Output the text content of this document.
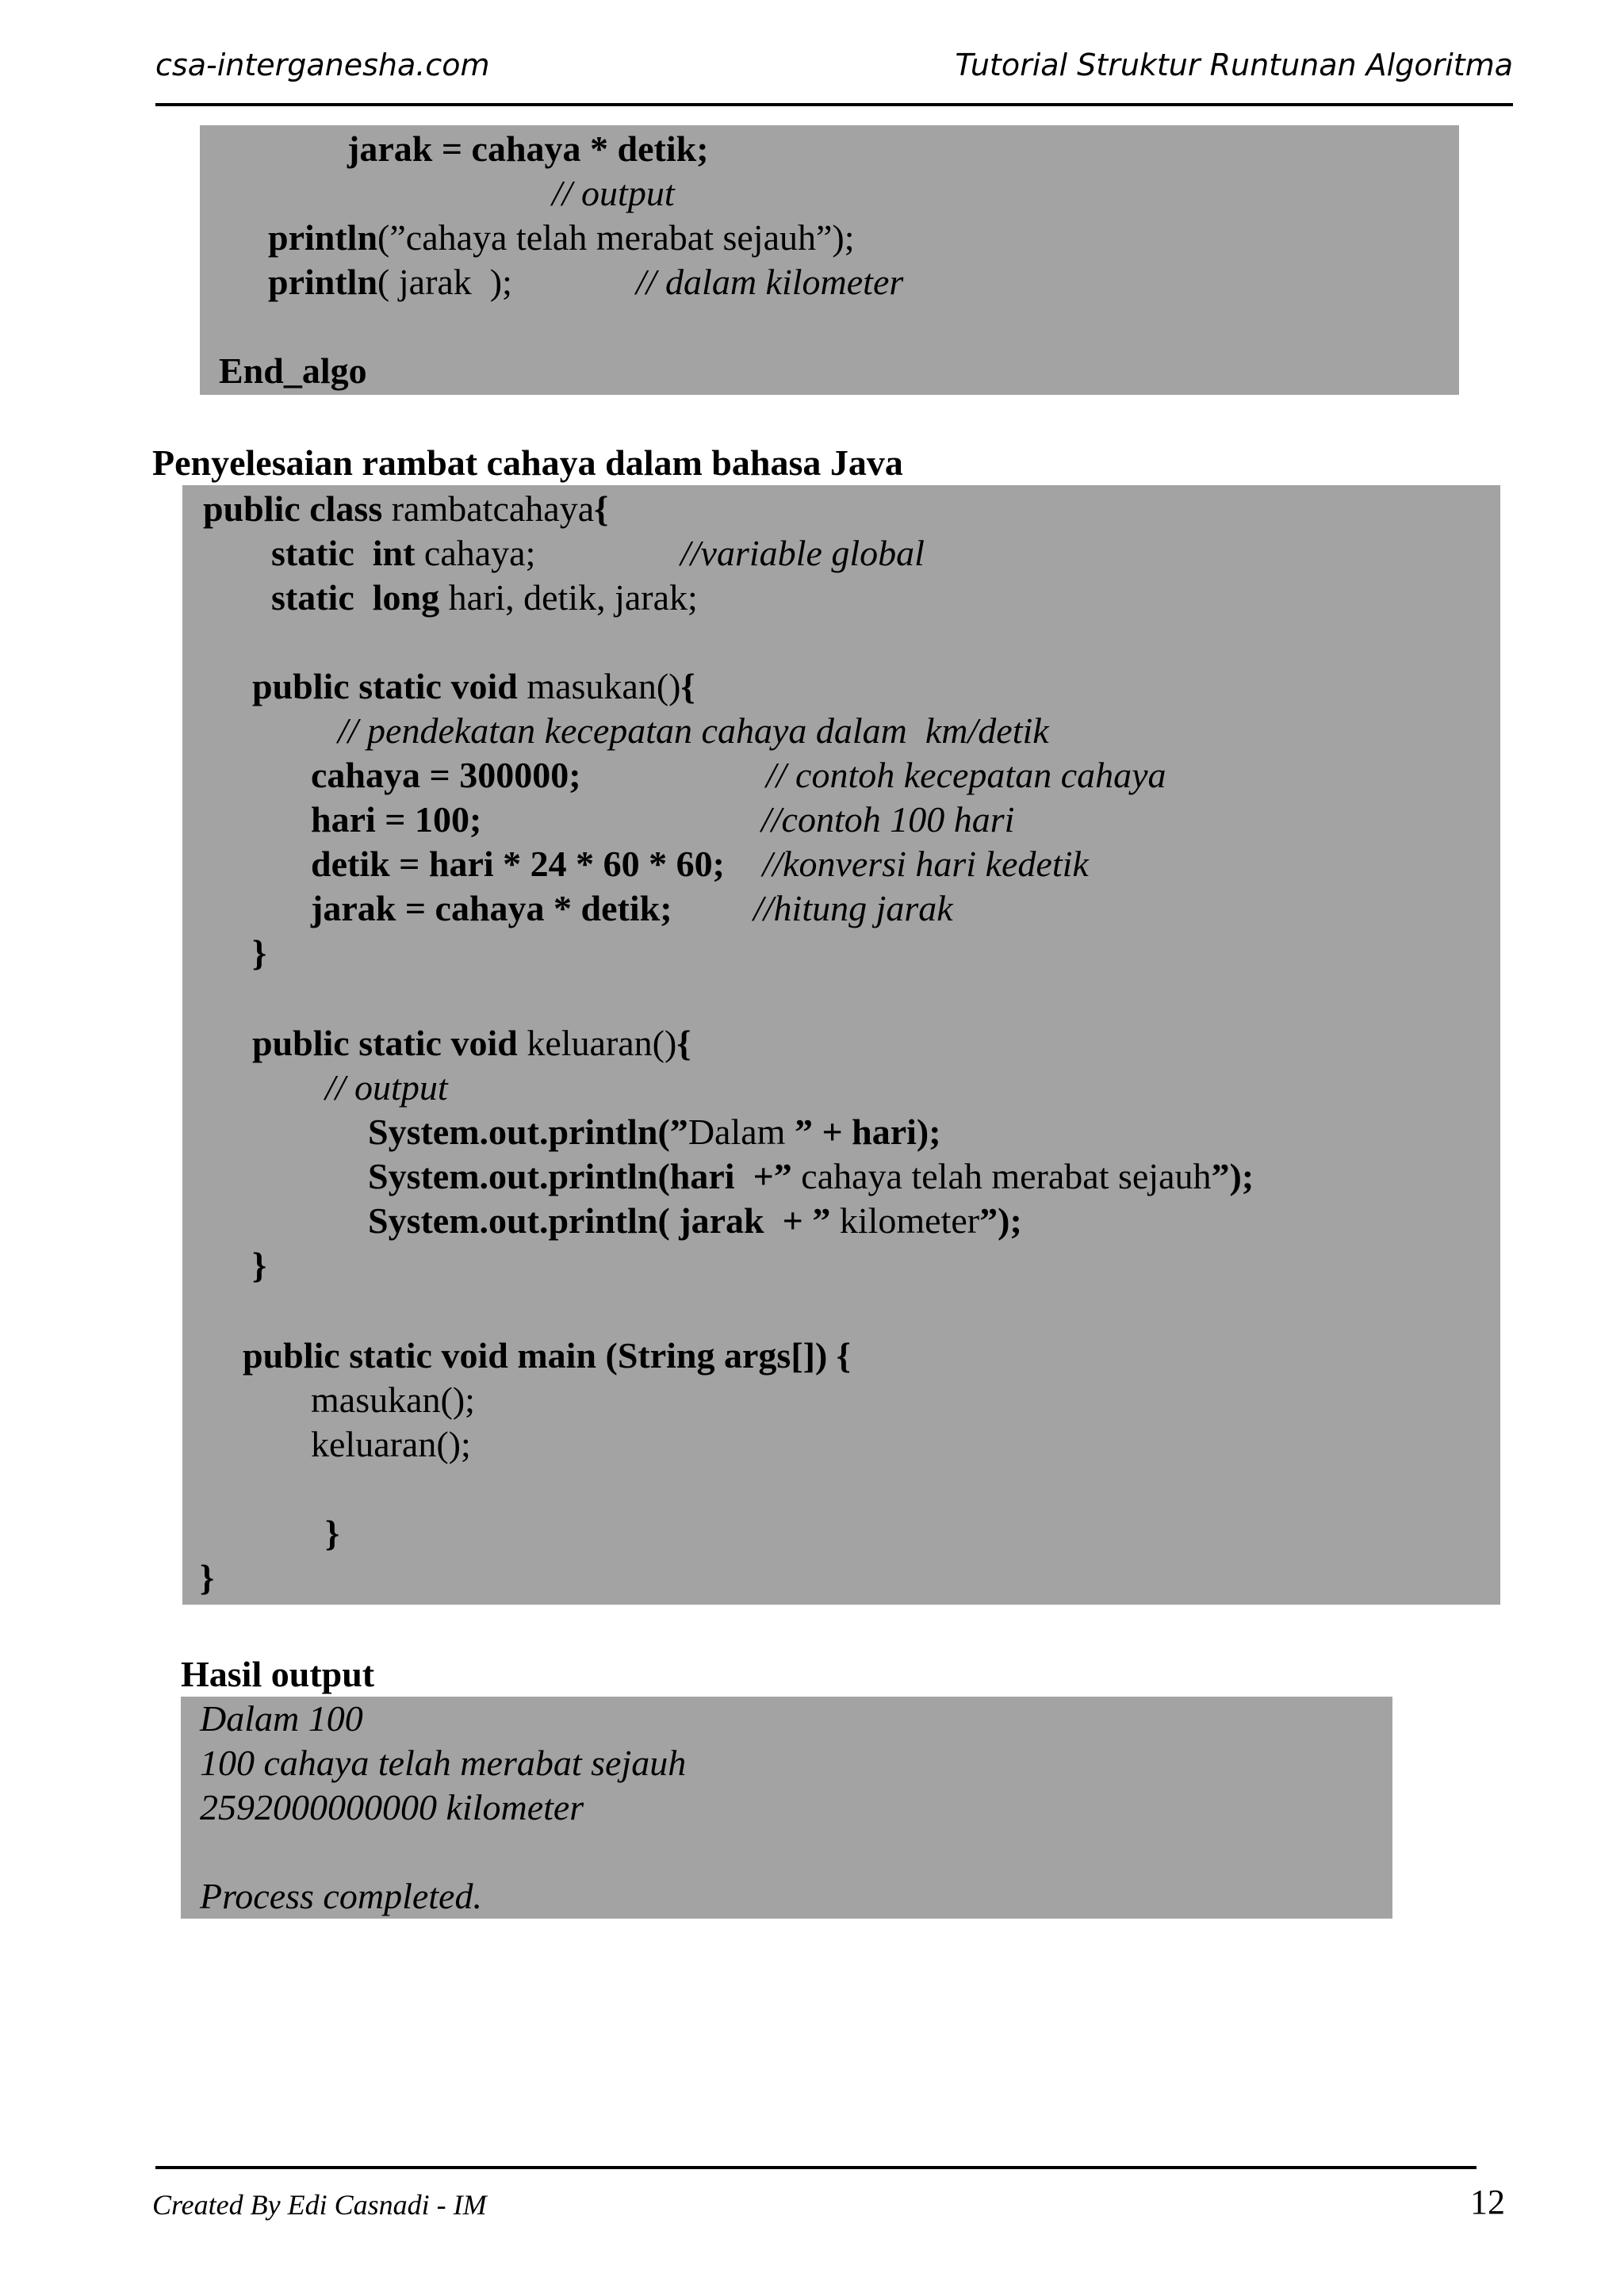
csa-interganesha.com	Tutorial Struktur Runtunan Algoritma
jarak = cahaya * detik;
// output
println(”cahaya telah merabat sejauh”);
println( jarak  );	// dalam kilometer
End_algo
Penyelesaian rambat cahaya dalam bahasa Java
public class rambatcahaya{
static  int cahaya;	//variable global
static  long hari, detik, jarak;
public static void masukan(){
// pendekatan kecepatan cahaya dalam  km/detik
cahaya = 300000;	// contoh kecepatan cahaya
hari = 100;	//contoh 100 hari
detik = hari * 24 * 60 * 60; //konversi hari kedetik
jarak = cahaya * detik; //hitung jarak
}
public static void keluaran(){
// output
System.out.println(”Dalam ” + hari);
System.out.println(hari  +” cahaya telah merabat sejauh”);
System.out.println( jarak  + ” kilometer”);
}
public static void main (String args[]) {
masukan();
keluaran();
}
}
Hasil output
Dalam 100
100 cahaya telah merabat sejauh
2592000000000 kilometer
Process completed.
Created By Edi Casnadi - IM	12
